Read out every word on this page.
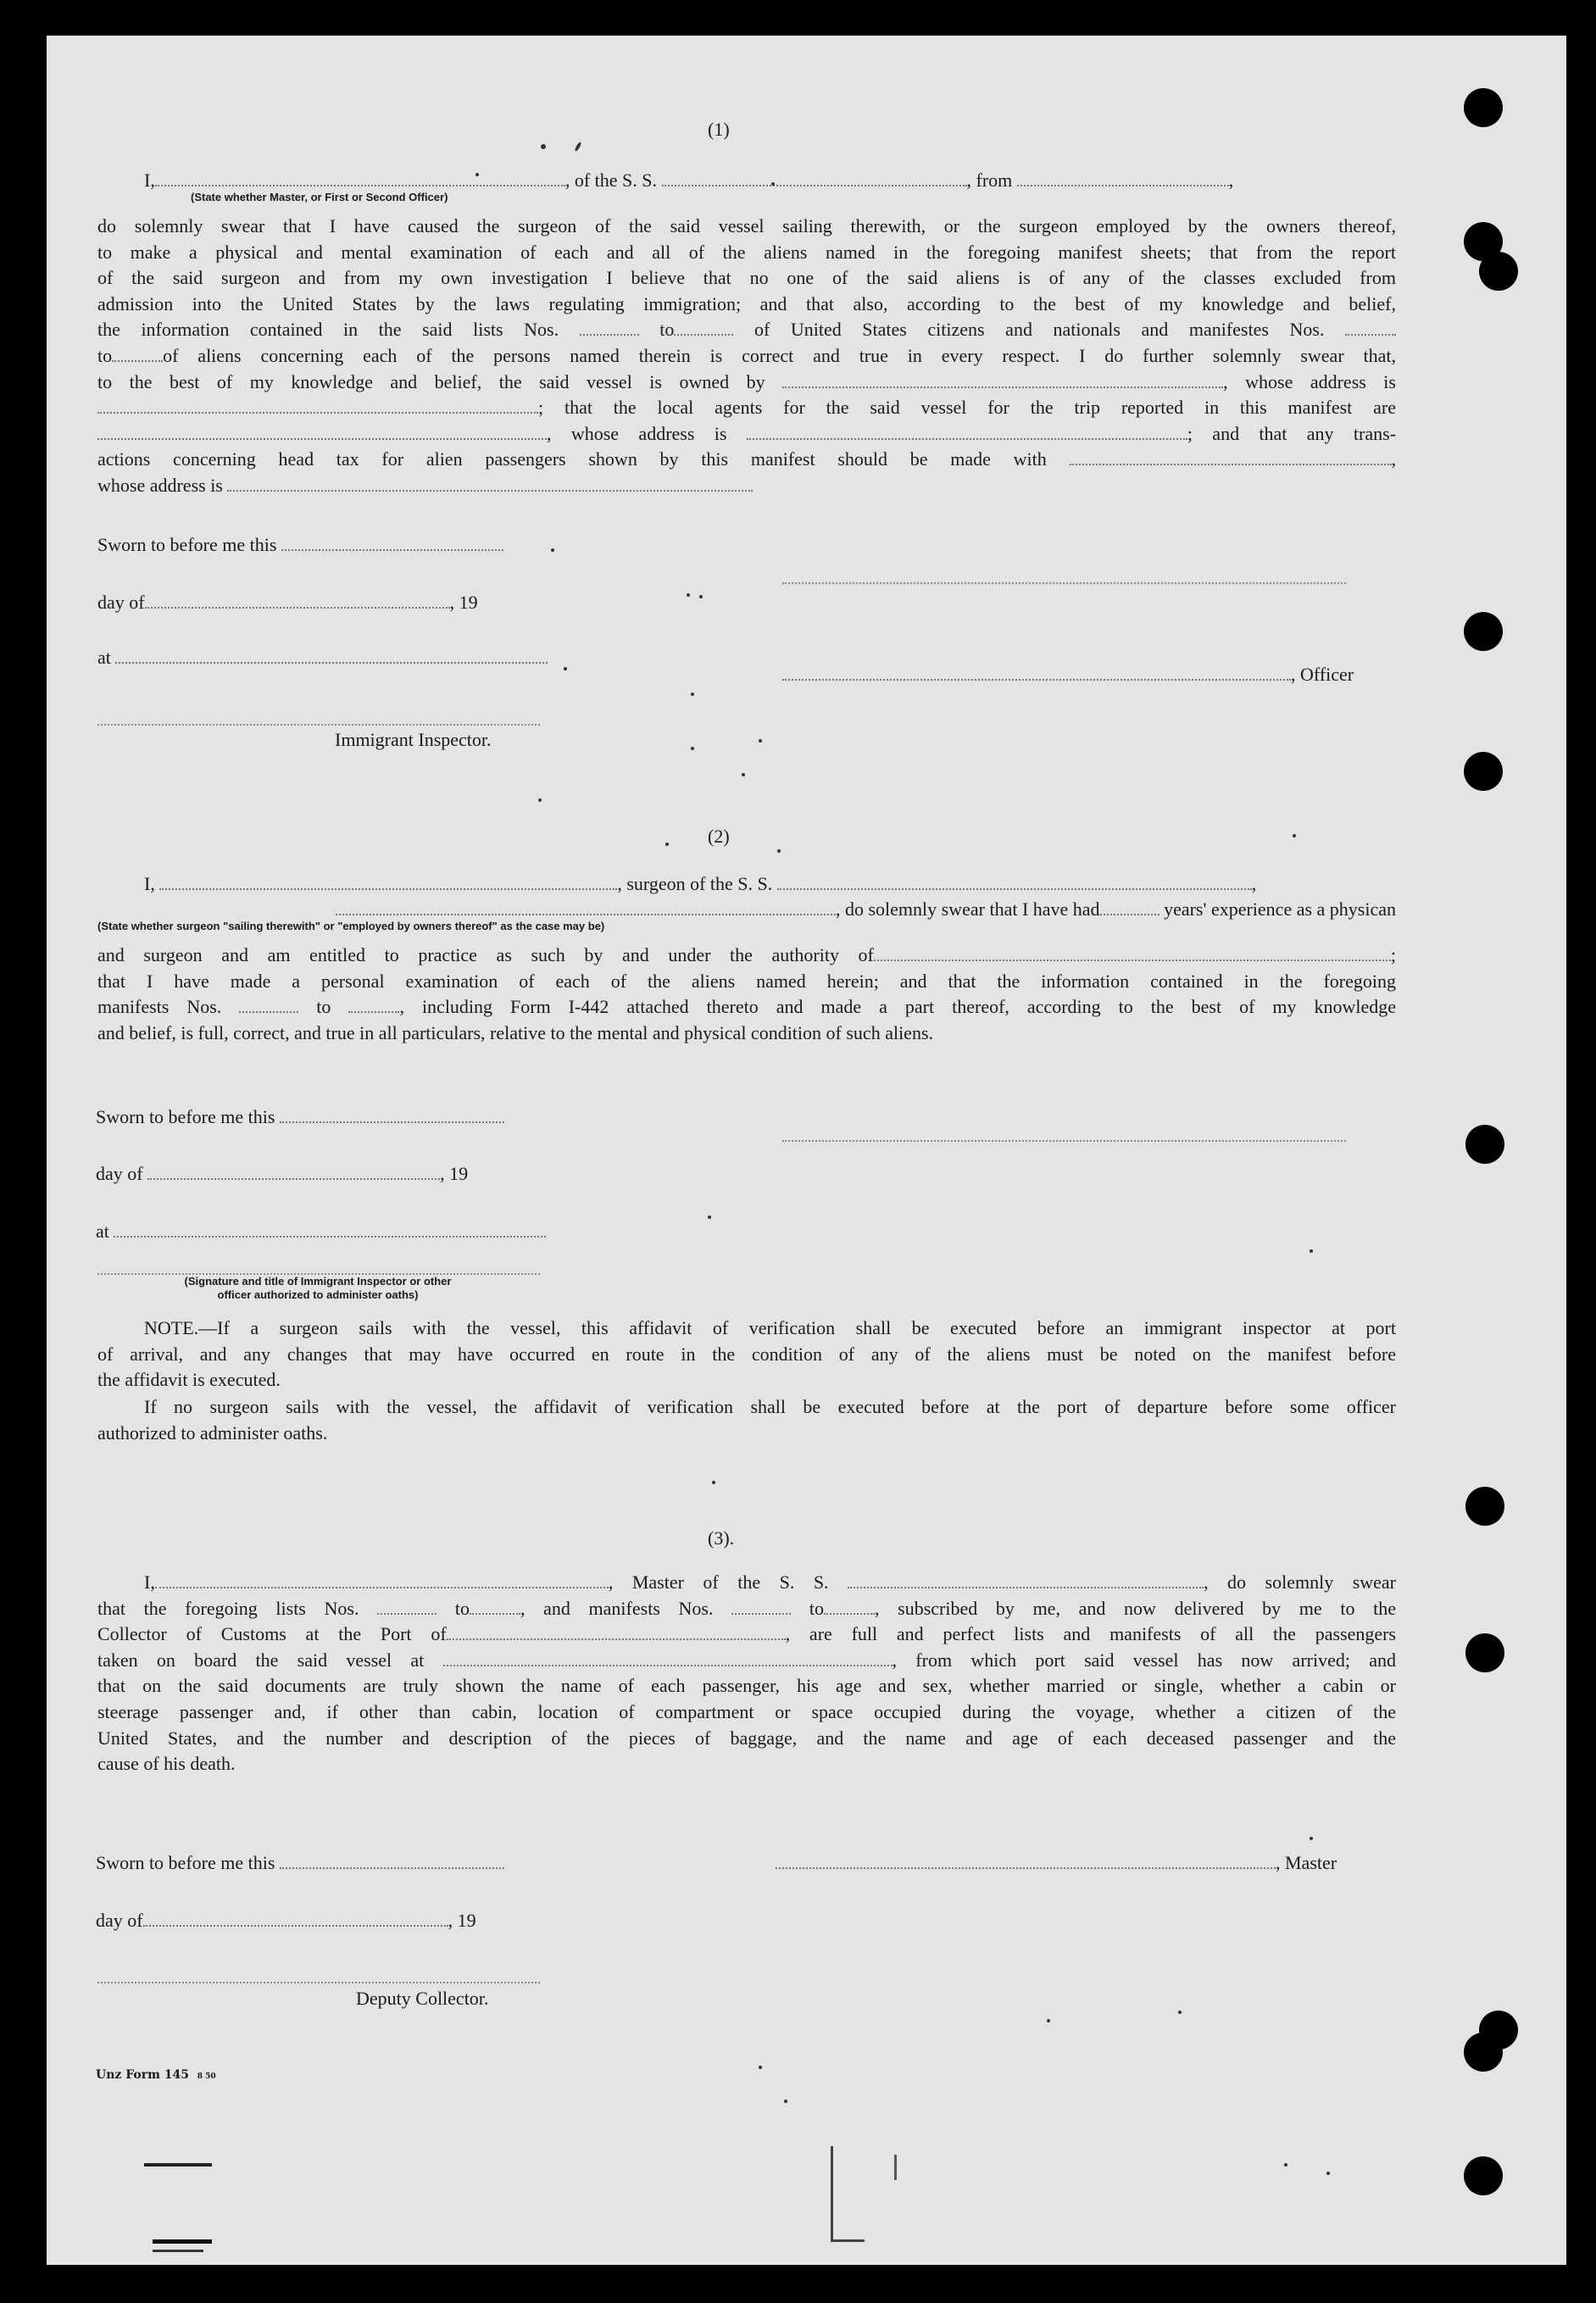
(1)
I,	, of the S. S.	, from	,
(State whether Master, or First or Second Officer)
do solemnly swear that I have caused the surgeon of the said vessel sailing therewith, or the surgeon employed by the owners thereof,
to make a physical and mental examination of each and all of the aliens named in the foregoing manifest sheets; that from the report
of the said surgeon and from my own investigation I believe that no one of the said aliens is of any of the classes excluded from
admission into the United States by the laws regulating immigration; and that also, according to the best of my knowledge and belief,
the information contained in the said lists Nos.	to	of United States citizens and nationals and manifestes Nos.
to	of aliens concerning each of the persons named therein is correct and true in every respect. I do further solemnly swear that,
to the best of my knowledge and belief, the said vessel is owned by	, whose address is
; that the local agents for the said vessel for the trip reported in this manifest are
, whose address is	; and that any trans-
actions concerning head tax for alien passengers shown by this manifest should be made with	,
whose address is
Sworn to before me this
day of	, 19
at
, Officer
Immigrant Inspector.
(2)
I,	, surgeon of the S. S.	,
, do solemnly swear that I have had	years' experience as a physican
(State whether surgeon "sailing therewith" or "employed by owners thereof" as the case may be)
and surgeon and am entitled to practice as such by and under the authority of	;
that I have made a personal examination of each of the aliens named herein; and that the information contained in the foregoing
manifests Nos.	to	, including Form I-442 attached thereto and made a part thereof, according to the best of my knowledge
and belief, is full, correct, and true in all particulars, relative to the mental and physical condition of such aliens.
Sworn to before me this
day of	, 19
at
(Signature and title of Immigrant Inspector or other
officer authorized to administer oaths)
NOTE.—If a surgeon sails with the vessel, this affidavit of verification shall be executed before an immigrant inspector at port
of arrival, and any changes that may have occurred en route in the condition of any of the aliens must be noted on the manifest before
the affidavit is executed.
If no surgeon sails with the vessel, the affidavit of verification shall be executed before at the port of departure before some officer
authorized to administer oaths.
(3).
I,	, Master of the S. S.	, do solemnly swear
that the foregoing lists Nos.	to	, and manifests Nos.	to	, subscribed by me, and now delivered by me to the
Collector of Customs at the Port of	, are full and perfect lists and manifests of all the passengers
taken on board the said vessel at	, from which port said vessel has now arrived; and
that on the said documents are truly shown the name of each passenger, his age and sex, whether married or single, whether a cabin or
steerage passenger and, if other than cabin, location of compartment or space occupied during the voyage, whether a citizen of the
United States, and the number and description of the pieces of baggage, and the name and age of each deceased passenger and the
cause of his death.
Sworn to before me this	, Master
day of	, 19
Deputy Collector.
Unz Form 145 8 50
